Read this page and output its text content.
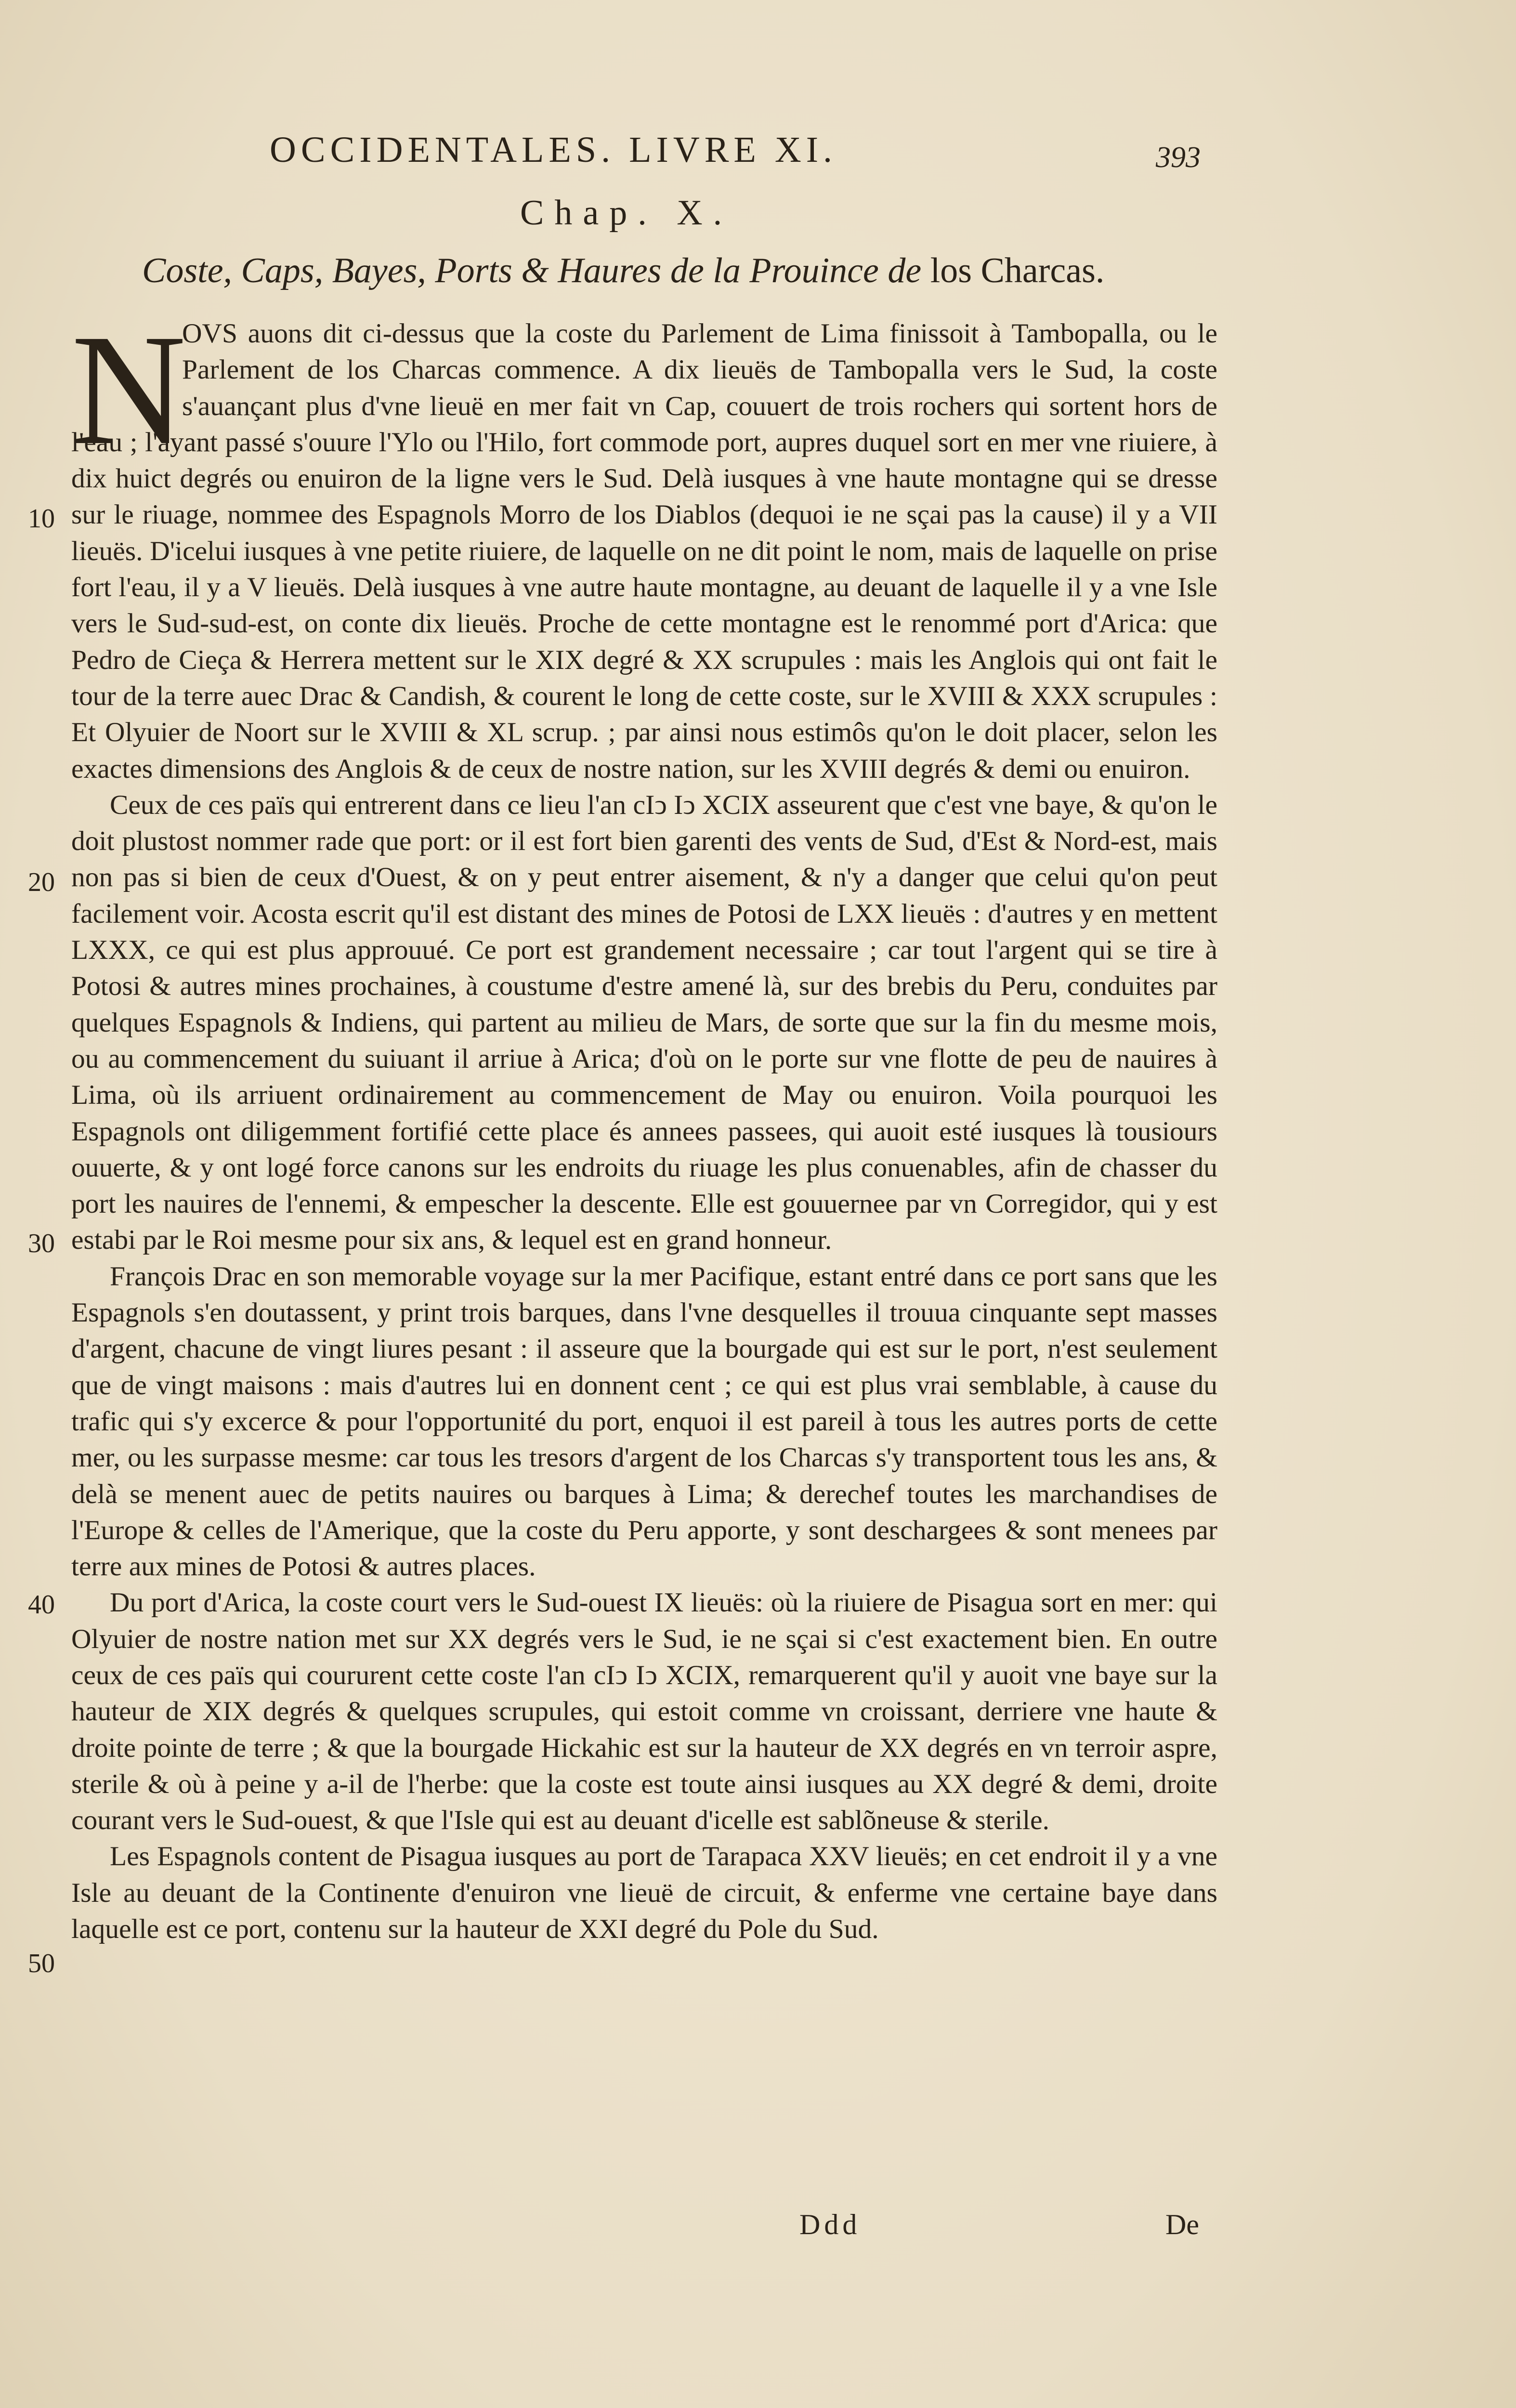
OCCIDENTALES. LIVRE XI.	393
Chap. X.
Coste, Caps, Bayes, Ports & Haures de la Prouince de los Charcas.
N

OVS auons dit ci-dessus que la coste du Parlement de Lima finissoit à Tambopalla, ou le Parlement de los Charcas commence. A dix lieuës de Tambopalla vers le Sud, la coste s'auançant plus d'vne lieuë en mer fait vn Cap, couuert de trois rochers qui sortent hors de l'eau ; l'ayant passé s'ouure l'Ylo ou l'Hilo, fort commode port, aupres duquel sort en mer vne riuiere, à dix huict degrés ou enuiron de la ligne vers le Sud. Delà iusques à vne haute montagne qui se dresse sur le riuage, nommee des Espagnols Morro de los Diablos (dequoi ie ne sçai pas la cause) il y a VII lieuës. D'icelui iusques à vne petite riuiere, de laquelle on ne dit point le nom, mais de laquelle on prise fort l'eau, il y a V lieuës. Delà iusques à vne autre haute montagne, au deuant de laquelle il y a vne Isle vers le Sud-sud-est, on conte dix lieuës. Proche de cette montagne est le renommé port d'Arica: que Pedro de Cieça & Herrera mettent sur le XIX degré & XX scrupules : mais les Anglois qui ont fait le tour de la terre auec Drac & Candish, & courent le long de cette coste, sur le XVIII & XXX scrupules : Et Olyuier de Noort sur le XVIII & XL scrup. ; par ainsi nous estimôs qu'on le doit placer, selon les exactes dimensions des Anglois & de ceux de nostre nation, sur les XVIII degrés & demi ou enuiron.

Ceux de ces païs qui entrerent dans ce lieu l'an cIↄ Iↄ XCIX asseurent que c'est vne baye, & qu'on le doit plustost nommer rade que port: or il est fort bien garenti des vents de Sud, d'Est & Nord-est, mais non pas si bien de ceux d'Ouest, & on y peut entrer aisement, & n'y a danger que celui qu'on peut facilement voir. Acosta escrit qu'il est distant des mines de Potosi de LXX lieuës : d'autres y en mettent LXXX, ce qui est plus approuué. Ce port est grandement necessaire ; car tout l'argent qui se tire à Potosi & autres mines prochaines, à coustume d'estre amené là, sur des brebis du Peru, conduites par quelques Espagnols & Indiens, qui partent au milieu de Mars, de sorte que sur la fin du mesme mois, ou au commencement du suiuant il arriue à Arica; d'où on le porte sur vne flotte de peu de nauires à Lima, où ils arriuent ordinairement au commencement de May ou enuiron. Voila pourquoi les Espagnols ont diligemment fortifié cette place és annees passees, qui auoit esté iusques là tousiours ouuerte, & y ont logé force canons sur les endroits du riuage les plus conuenables, afin de chasser du port les nauires de l'ennemi, & empescher la descente. Elle est gouuernee par vn Corregidor, qui y est estabi par le Roi mesme pour six ans, & lequel est en grand honneur.

François Drac en son memorable voyage sur la mer Pacifique, estant entré dans ce port sans que les Espagnols s'en doutassent, y print trois barques, dans l'vne desquelles il trouua cinquante sept masses d'argent, chacune de vingt liures pesant : il asseure que la bourgade qui est sur le port, n'est seulement que de vingt maisons : mais d'autres lui en donnent cent ; ce qui est plus vrai semblable, à cause du trafic qui s'y excerce & pour l'opportunité du port, enquoi il est pareil à tous les autres ports de cette mer, ou les surpasse mesme: car tous les tresors d'argent de los Charcas s'y transportent tous les ans, & delà se menent auec de petits nauires ou barques à Lima; & derechef toutes les marchandises de l'Europe & celles de l'Amerique, que la coste du Peru apporte, y sont deschargees & sont menees par terre aux mines de Potosi & autres places.

Du port d'Arica, la coste court vers le Sud-ouest IX lieuës: où la riuiere de Pisagua sort en mer: qui Olyuier de nostre nation met sur XX degrés vers le Sud, ie ne sçai si c'est exactement bien. En outre ceux de ces païs qui coururent cette coste l'an cIↄ Iↄ XCIX, remarquerent qu'il y auoit vne baye sur la hauteur de XIX degrés & quelques scrupules, qui estoit comme vn croissant, derriere vne haute & droite pointe de terre ; & que la bourgade Hickahic est sur la hauteur de XX degrés en vn terroir aspre, sterile & où à peine y a-il de l'herbe: que la coste est toute ainsi iusques au XX degré & demi, droite courant vers le Sud-ouest, & que l'Isle qui est au deuant d'icelle est sablõneuse & sterile.

Les Espagnols content de Pisagua iusques au port de Tarapaca XXV lieuës; en cet endroit il y a vne Isle au deuant de la Continente d'enuiron vne lieuë de circuit, & enferme vne certaine baye dans laquelle est ce port, contenu sur la hauteur de XXI degré du Pole du Sud.

10
20
30
40
50
Ddd	De
